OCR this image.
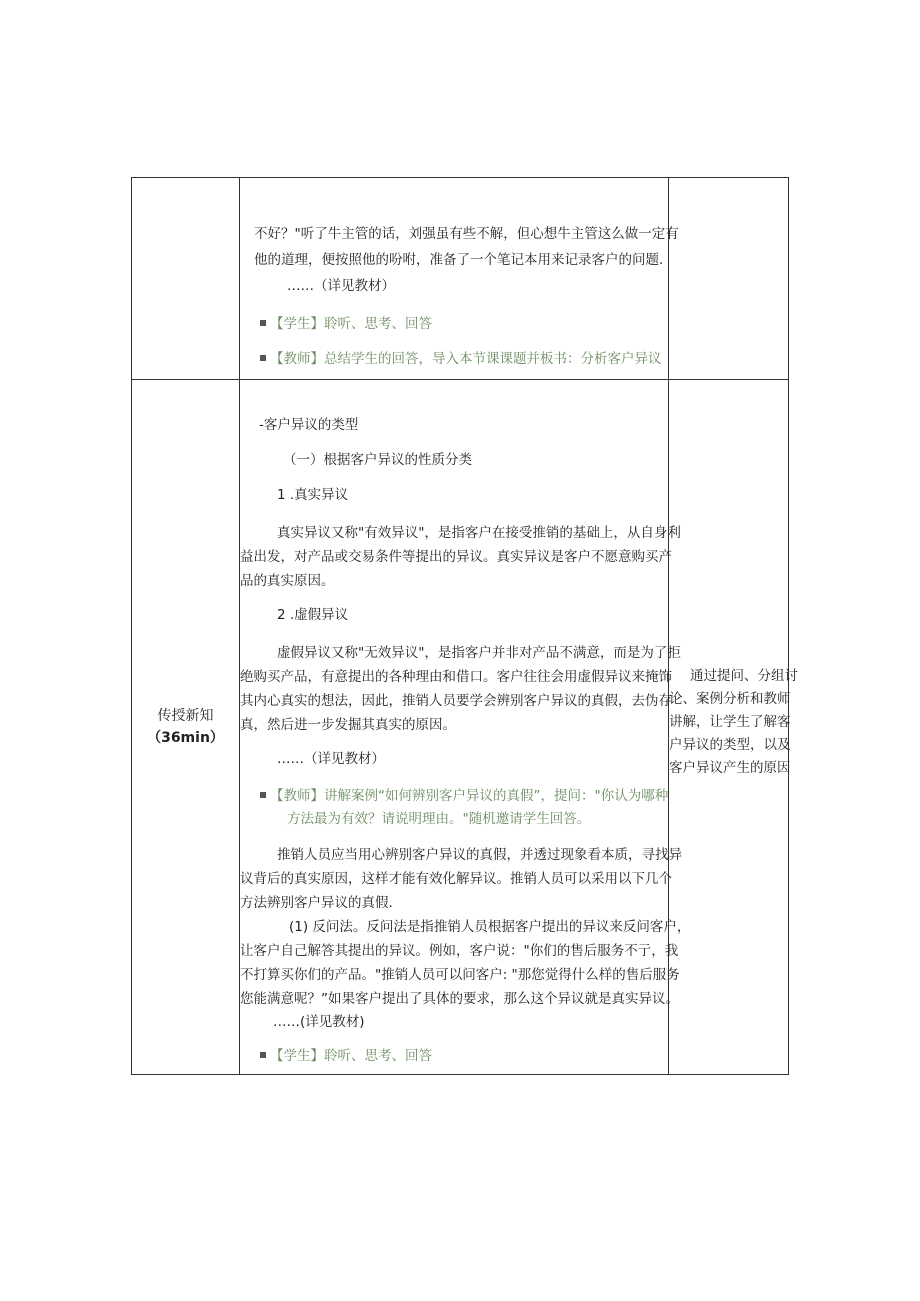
不好？"听了牛主管的话，刘强虽有些不解，但心想牛主管这么做一定有
他的道理，便按照他的吩咐，准备了一个笔记本用来记录客户的问题.
……（详见教材）
【学生】聆听、思考、回答
【教师】总结学生的回答，导入本节课课题并板书：分析客户异议
传授新知
（36min）
通过提问、分组讨
论、案例分析和教师
讲解，让学生了解客
户异议的类型，以及
客户异议产生的原因
-客户异议的类型
（一）根据客户异议的性质分类
1 .真实异议
真实异议又称"有效异议"，是指客户在接受推销的基础上，从自身利
益出发，对产品或交易条件等提出的异议。真实异议是客户不愿意购买产
品的真实原因。
2 .虚假异议
虚假异议又称"无效异议"，是指客户并非对产品不满意，而是为了拒
绝购买产品，有意提出的各种理由和借口。客户往往会用虚假异议来掩饰
其内心真实的想法，因此，推销人员要学会辨别客户异议的真假，去伪存
真，然后进一步发掘其真实的原因。
……（详见教材）
【教师】讲解案例“如何辨别客户异议的真假”，提问："你认为哪种
方法最为有效？请说明理由。"随机邀请学生回答。
推销人员应当用心辨别客户异议的真假，并透过现象看本质，寻找异
议背后的真实原因，这样才能有效化解异议。推销人员可以采用以下几个
方法辨别客户异议的真假.
(1) 反问法。反问法是指推销人员根据客户提出的异议来反问客户，
让客户自己解答其提出的异议。例如，客户说："你们的售后服务不亍，我
不打算买你们的产品。"推销人员可以问客户: "那您觉得什么样的售后服务
您能满意呢？”如果客户提出了具体的要求，那么这个异议就是真实异议。
……(详见教材)
【学生】聆听、思考、回答
